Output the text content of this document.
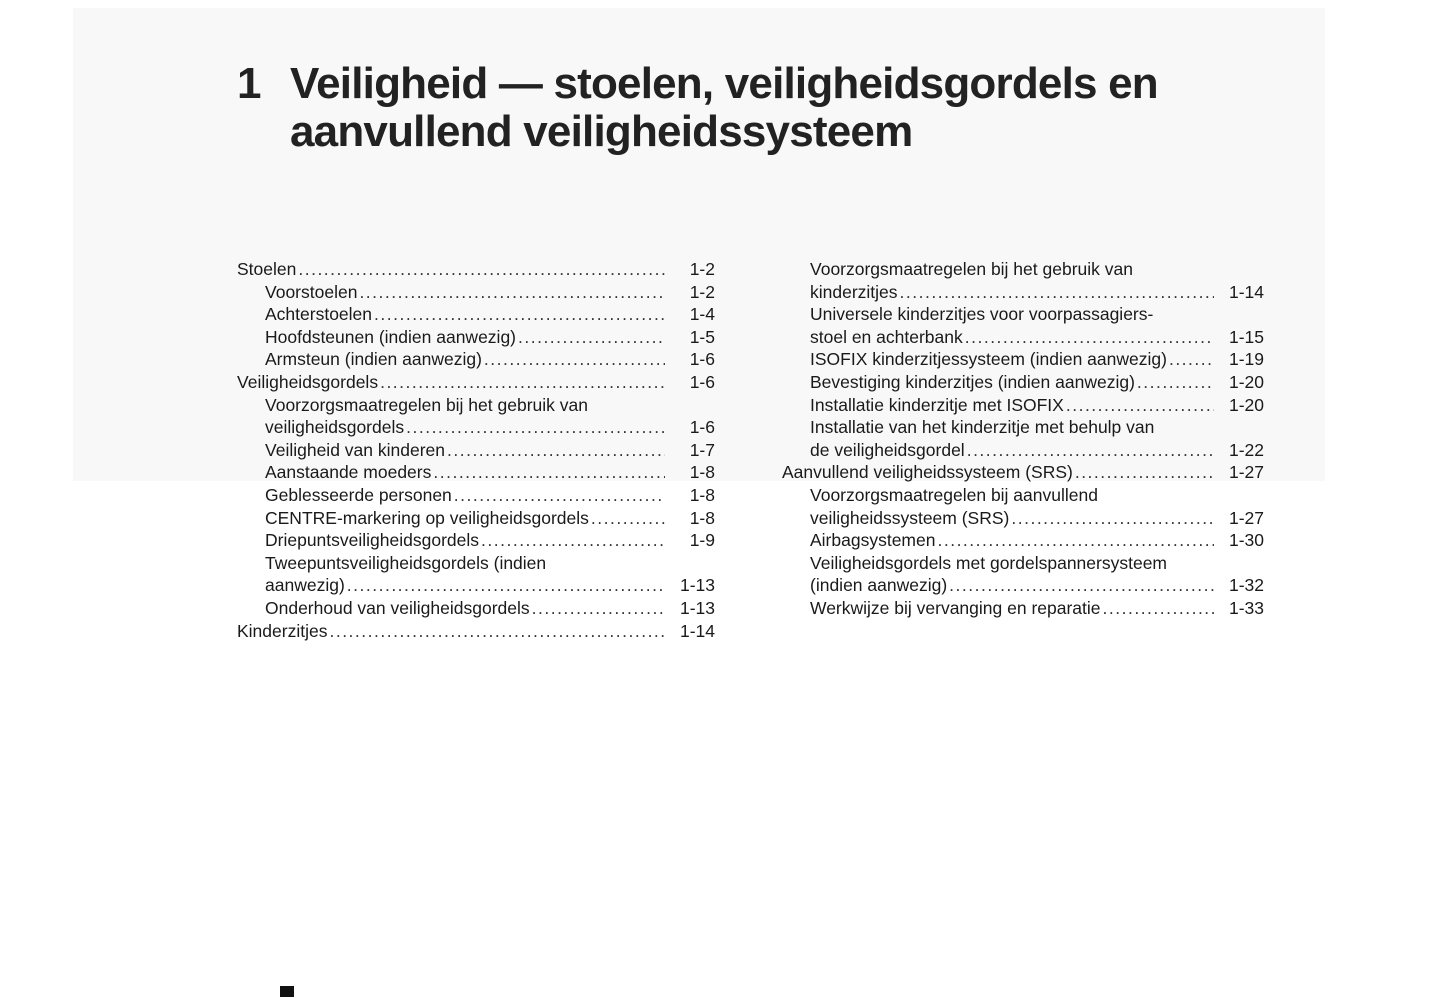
1 Veiligheid — stoelen, veiligheidsgordels en aanvullend veiligheidssysteem
Stoelen .....	1-2
Voorstoelen .....	1-2
Achterstoelen .....	1-4
Hoofdsteunen (indien aanwezig) .....	1-5
Armsteun (indien aanwezig) .....	1-6
Veiligheidsgordels .....	1-6
Voorzorgsmaatregelen bij het gebruik van
veiligheidsgordels .....	1-6
Veiligheid van kinderen .....	1-7
Aanstaande moeders .....	1-8
Geblesseerde personen .....	1-8
CENTRE-markering op veiligheidsgordels .....	1-8
Driepuntsveiligheidsgordels .....	1-9
Tweepuntsveiligheidsgordels (indien
aanwezig) .....	1-13
Onderhoud van veiligheidsgordels .....	1-13
Kinderzitjes .....	1-14
Voorzorgsmaatregelen bij het gebruik van
kinderzitjes .....	1-14
Universele kinderzitjes voor voorpassagiers-
stoel en achterbank .....	1-15
ISOFIX kinderzitjessysteem (indien aanwezig) .....	1-19
Bevestiging kinderzitjes (indien aanwezig) .....	1-20
Installatie kinderzitje met ISOFIX .....	1-20
Installatie van het kinderzitje met behulp van
de veiligheidsgordel .....	1-22
Aanvullend veiligheidssysteem (SRS) .....	1-27
Voorzorgsmaatregelen bij aanvullend
veiligheidssysteem (SRS) .....	1-27
Airbagsystemen .....	1-30
Veiligheidsgordels met gordelspannersysteem
(indien aanwezig) .....	1-32
Werkwijze bij vervanging en reparatie .....	1-33
